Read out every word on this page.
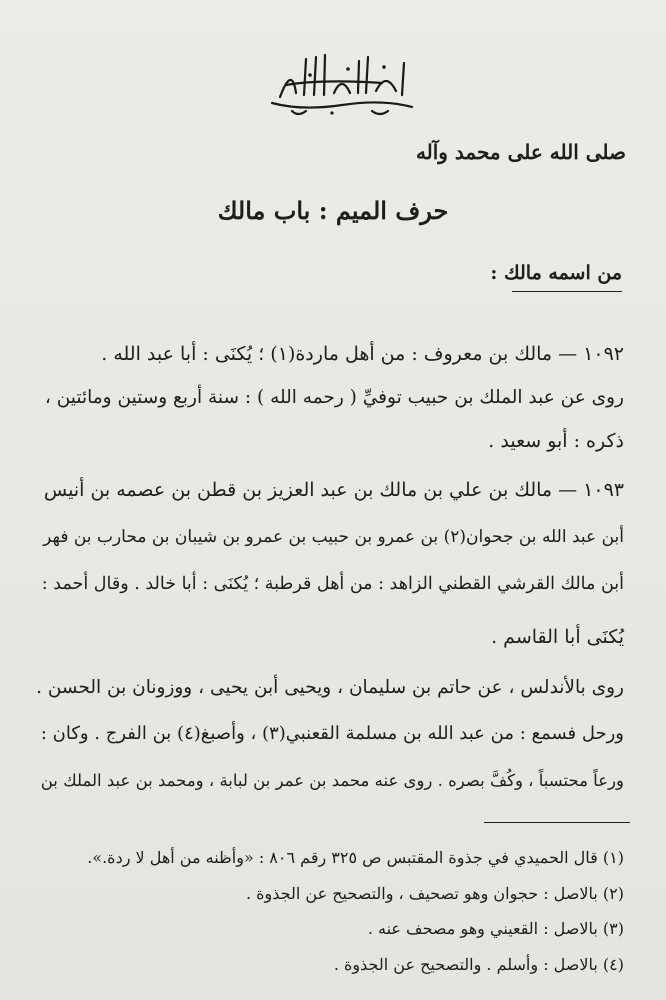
صلى الله على محمد وآله
حرف الميم : باب مالك
من اسمه مالك :
١٠٩٢ — مالك بن معروف : من أهل ماردة(١) ؛ يُكنَى : أبا عبد الله .
روى عن عبد الملك بن حبيب توفيِّ ( رحمه الله ) : سنة أربع وستين ومائتين ،
ذكره : أبو سعيد .
١٠٩٣ — مالك بن علي بن مالك بن عبد العزيز بن قطن بن عصمه بن أنيس
أبن عبد الله بن جحوان(٢) بن عمرو بن حبيب بن عمرو بن شيبان بن محارب بن فهر
أبن مالك القرشي القطني الزاهد : من أهل قرطبة ؛ يُكنَى : أبا خالد . وقال أحمد :
يُكنَى أبا القاسم .
روى بالأندلس ، عن حاتم بن سليمان ، ويحيى أبن يحيى ، ووزونان بن الحسن .
ورحل فسمع : من عبد الله بن مسلمة القعنبي(٣) ، وأصبغ(٤) بن الفرج . وكان :
ورعاً محتسباً ، وكُفَّ بصره . روى عنه محمد بن عمر بن لبابة ، ومحمد بن عبد الملك بن
(١) قال الحميدي في جذوة المقتبس ص ٣٢٥ رقم ٨٠٦ : «وأظنه من أهل لا ردة.».
(٢) بالاصل : حجوان وهو تصحيف ، والتصحيح عن الجذوة .
(٣) بالاصل : القعيني وهو مصحف عنه .
(٤) بالاصل : وأسلم . والتصحيح عن الجذوة .
